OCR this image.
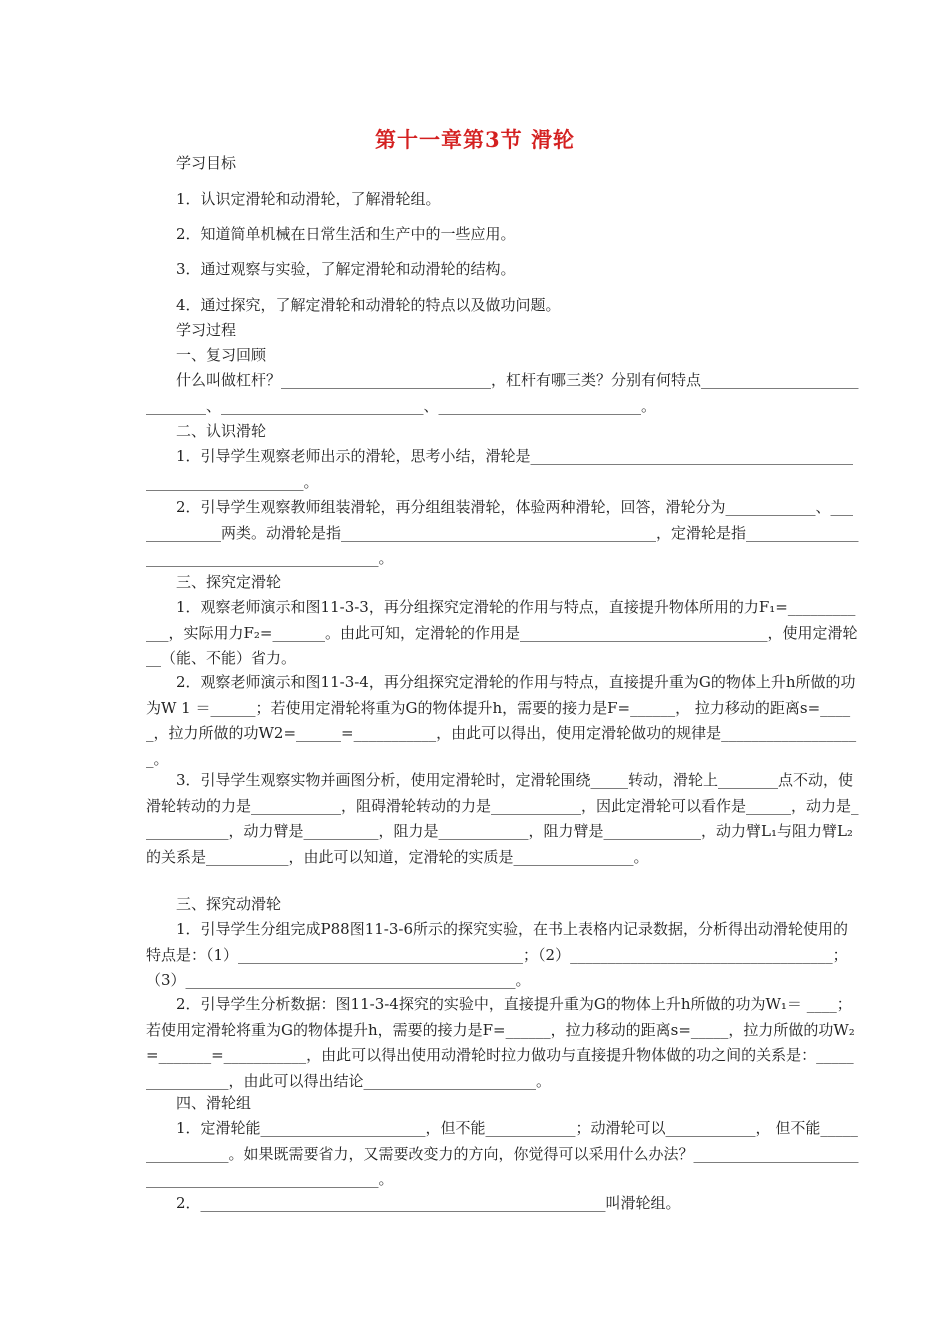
第十一章第3节 滑轮

学习目标

1．认识定滑轮和动滑轮，了解滑轮组。

2．知道简单机械在日常生活和生产中的一些应用。

3．通过观察与实验，了解定滑轮和动滑轮的结构。

4．通过探究，了解定滑轮和动滑轮的特点以及做功问题。

学习过程

一、复习回顾

什么叫做杠杆？____________________________，杠杆有哪三类？分别有何特点_____________________________、___________________________、___________________________。

二、认识滑轮

1．引导学生观察老师出示的滑轮，思考小结，滑轮是________________________________________________________________。

2．引导学生观察教师组装滑轮，再分组组装滑轮，体验两种滑轮，回答，滑轮分为____________、_____________两类。动滑轮是指__________________________________________，定滑轮是指______________________________________________。

三、探究定滑轮

1．观察老师演示和图11-3-3，再分组探究定滑轮的作用与特点，直接提升物体所用的力F₁=____________，实际用力F₂=_______。由此可知，定滑轮的作用是_________________________________，使用定滑轮__（能、不能）省力。

2．观察老师演示和图11-3-4，再分组探究定滑轮的作用与特点，直接提升重为G的物体上升h所做的功为W 1 ＝______；若使用定滑轮将重为G的物体提升h，需要的接力是F=______， 拉力移动的距离s=_____，拉力所做的功W2=______=___________，由此可以得出，使用定滑轮做功的规律是___________________。

3．引导学生观察实物并画图分析，使用定滑轮时，定滑轮围绕_____转动，滑轮上________点不动，使滑轮转动的力是____________，阻碍滑轮转动的力是____________，因此定滑轮可以看作是______，动力是____________，动力臂是__________，阻力是____________，阻力臂是_____________，动力臂L₁与阻力臂L₂的关系是___________，由此可以知道，定滑轮的实质是________________。

三、探究动滑轮

1．引导学生分组完成P88图11-3-6所示的探究实验，在书上表格内记录数据，分析得出动滑轮使用的特点是：（1）______________________________________；（2）___________________________________；（3）____________________________________________。

2．引导学生分析数据：图11-3-4探究的实验中，直接提升重为G的物体上升h所做的功为W₁＝ ____；若使用定滑轮将重为G的物体提升h，需要的接力是F=______，拉力移动的距离s=_____，拉力所做的功W₂=_______=___________，由此可以得出使用动滑轮时拉力做功与直接提升物体做的功之间的关系是：________________，由此可以得出结论_______________________。

四、滑轮组

1．定滑轮能______________________，但不能____________；动滑轮可以____________， 但不能________________。如果既需要省力，又需要改变力的方向，你觉得可以采用什么办法？_____________________________________________________。

2．______________________________________________________叫滑轮组。
